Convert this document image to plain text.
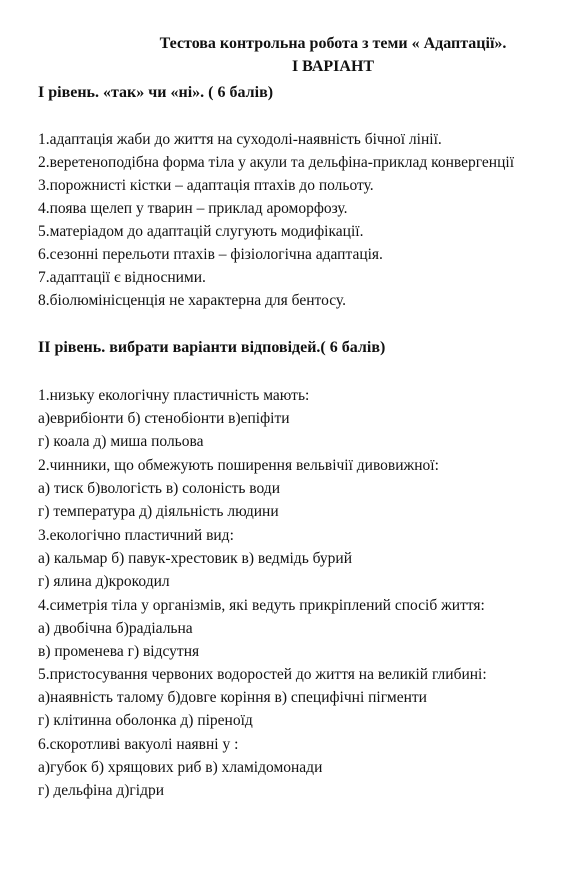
Тестова контрольна робота з теми « Адаптації».
I ВАРІАНТ
I рівень. «так» чи «ні». ( 6 балів)
1.адаптація жаби до життя на суходолі-наявність бічної лінії.
2.веретеноподібна форма тіла у акули та дельфіна-приклад конвергенції
3.порожнисті кістки – адаптація птахів до польоту.
4.поява щелеп у тварин – приклад ароморфозу.
5.матеріадом до адаптацій слугують модифікації.
6.сезонні перельоти птахів – фізіологічна адаптація.
7.адаптації є відносними.
8.біолюмінісценція не характерна для бентосу.
II рівень. вибрати варіанти відповідей.( 6 балів)
1.низьку екологічну пластичність мають:
а)еврибіонти б) стенобіонти в)епіфіти
г) коала д) миша польова
2.чинники, що обмежують поширення вельвічії дивовижної:
а) тиск б)вологість в) солоність води
г) температура д) діяльність людини
3.екологічно пластичний вид:
а) кальмар б) павук-хрестовик в) ведмідь бурий
г) ялина д)крокодил
4.симетрія тіла у організмів, які ведуть прикріплений спосіб життя:
а) двобічна б)радіальна
в) променева г) відсутня
5.пристосування червоних водоростей до життя на великій глибині:
а)наявність талому б)довге коріння в) специфічні пігменти
г) клітинна оболонка д) піреноїд
6.скоротливі вакуолі наявні у :
а)губок б) хрящових риб в) хламідомонади
г) дельфіна д)гідри
